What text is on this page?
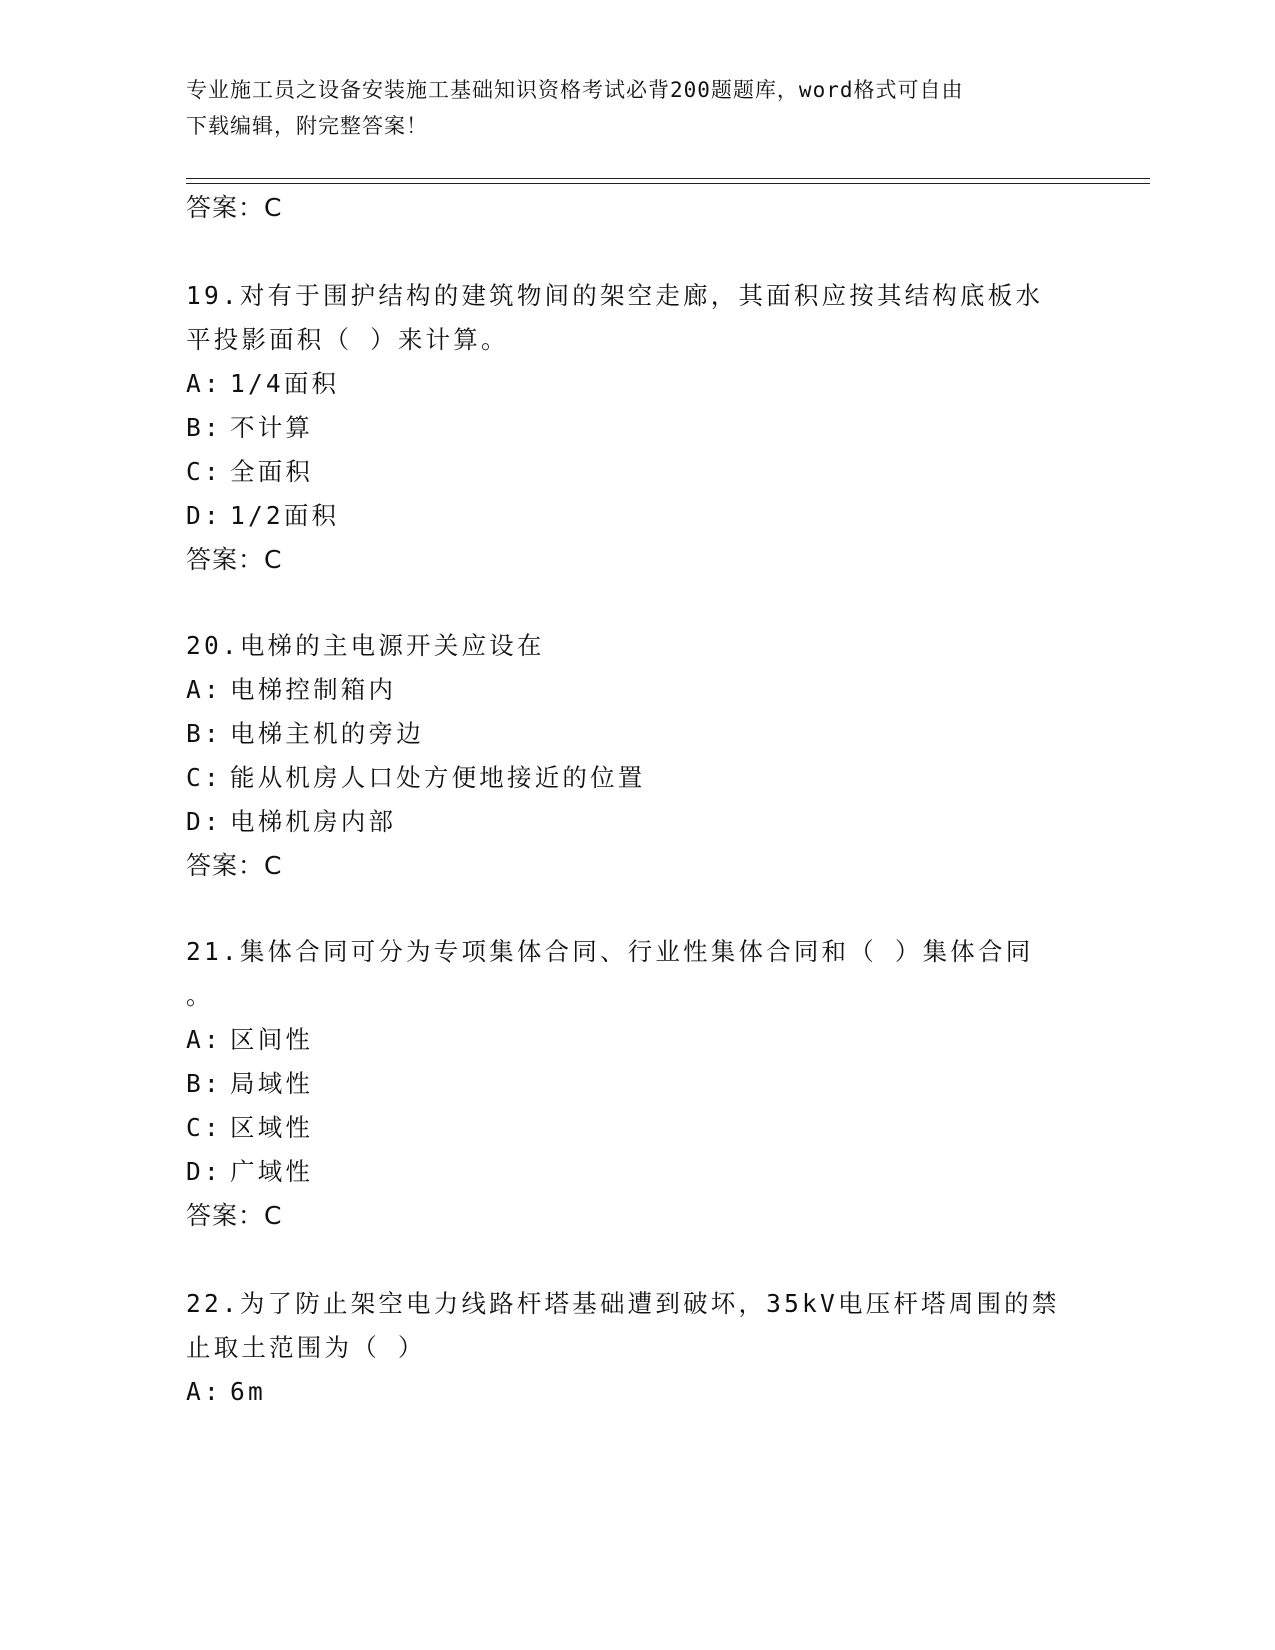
专业施工员之设备安装施工基础知识资格考试必背200题题库，word格式可自由
下载编辑，附完整答案！
答案：C
19.对有于围护结构的建筑物间的架空走廊，其面积应按其结构底板水
平投影面积（ ）来计算。
A: 1/4面积
B: 不计算
C: 全面积
D: 1/2面积
答案：C
20.电梯的主电源开关应设在
A: 电梯控制箱内
B: 电梯主机的旁边
C: 能从机房人口处方便地接近的位置
D: 电梯机房内部
答案：C
21.集体合同可分为专项集体合同、行业性集体合同和（ ）集体合同
。
A: 区间性
B: 局域性
C: 区域性
D: 广域性
答案：C
22.为了防止架空电力线路杆塔基础遭到破坏，35kV电压杆塔周围的禁
止取土范围为（ ）
A: 6m
